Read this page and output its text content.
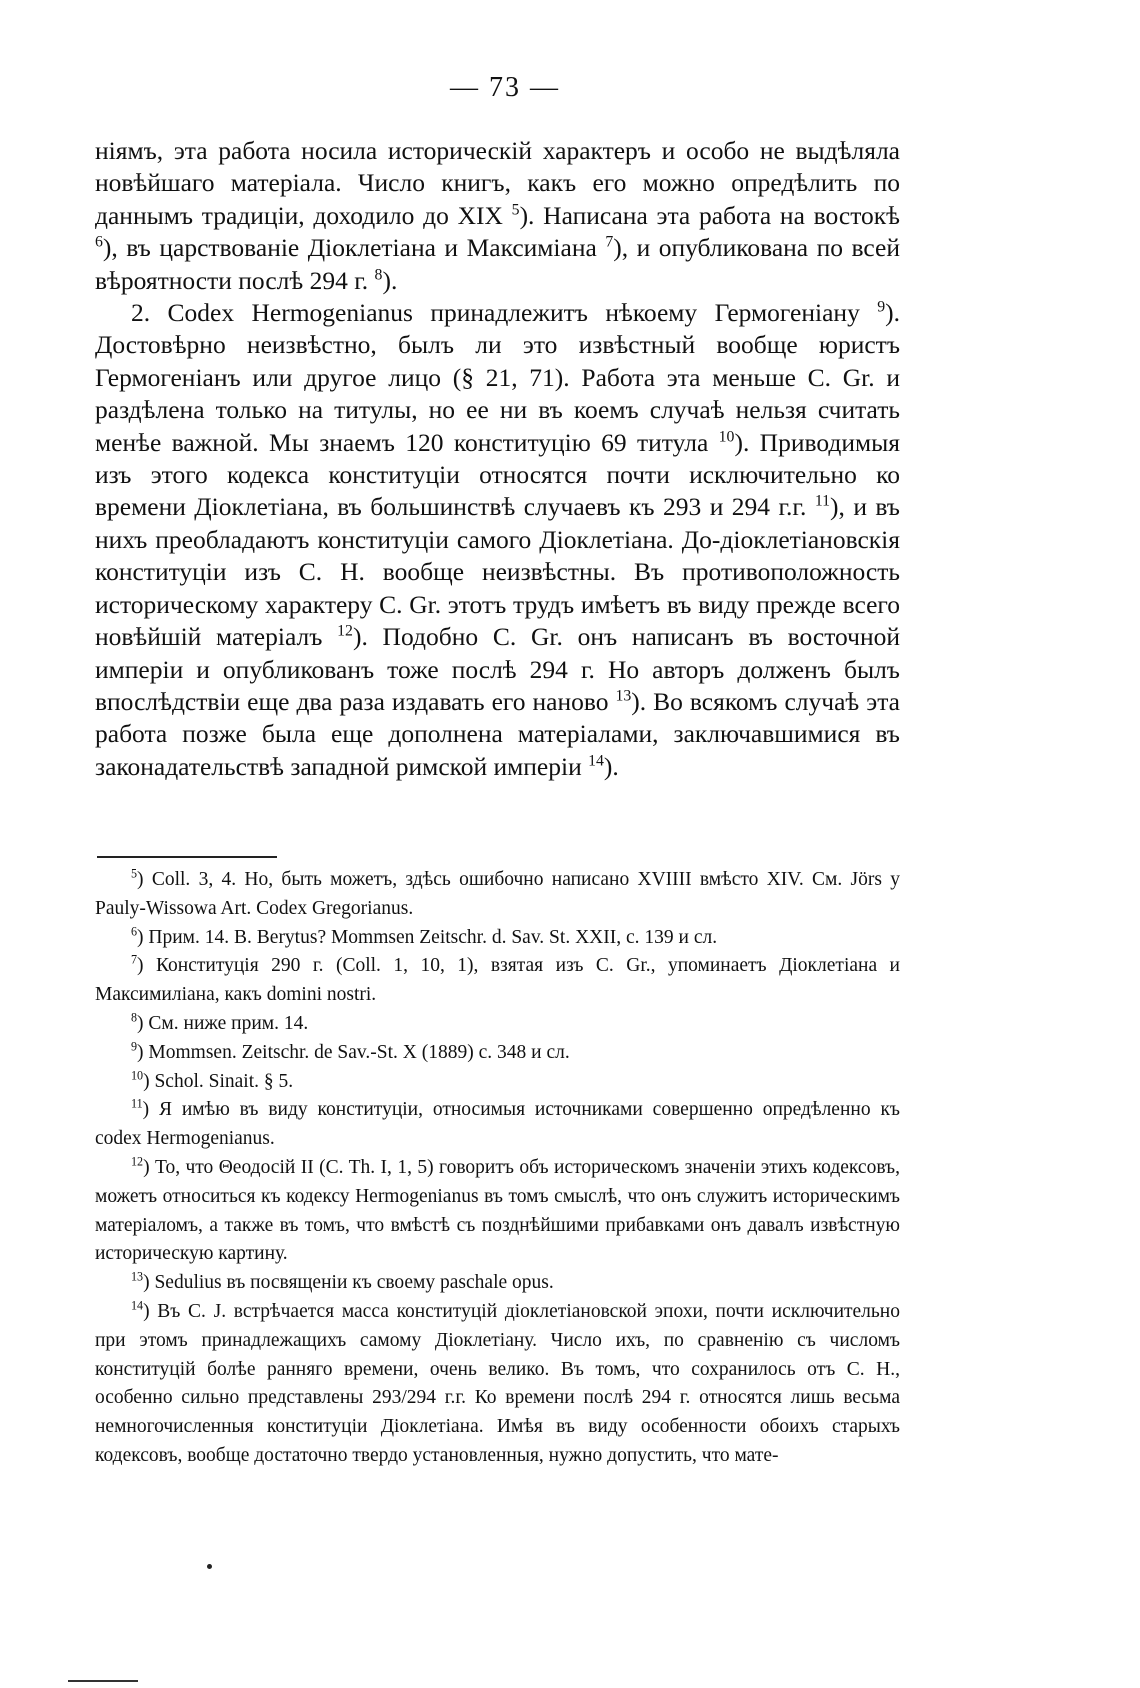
— 73 —

ніямъ, эта работа носила историческій характеръ и особо не выдѣляла новѣйшаго матеріала. Число книгъ, какъ его можно опредѣлить по даннымъ традиціи, доходило до XIX $^5$). Написана эта работа на востокѣ $^6$), въ царствованіе Діоклетіана и Максиміана $^7$), и опубликована по всей вѣроятности послѣ 294 г. $^8$).

2. Codex Hermogenianus принадлежитъ нѣкоему Гермогеніану $^9$). Достовѣрно неизвѣстно, былъ ли это извѣстный вообще юристъ Гермогеніанъ или другое лицо (§ 21, 71). Работа эта меньше C. Gr. и раздѣлена только на титулы, но ее ни въ коемъ случаѣ нельзя считать менѣе важной. Мы знаемъ 120 конституцію 69 титула $^{10}$). Приводимыя изъ этого кодекса конституціи относятся почти исключительно ко времени Діоклетіана, въ большинствѣ случаевъ къ 293 и 294 г.г. $^{11}$), и въ нихъ преобладаютъ конституціи самого Діоклетіана. До-діоклетіановскія конституціи изъ C. H. вообще неизвѣстны. Въ противоположность историческому характеру C. Gr. этотъ трудъ имѣетъ въ виду прежде всего новѣйшій матеріалъ $^{12}$). Подобно C. Gr. онъ написанъ въ восточной имперіи и опубликованъ тоже послѣ 294 г. Но авторъ долженъ былъ впослѣдствіи еще два раза издавать его наново $^{13}$). Во всякомъ случаѣ эта работа позже была еще дополнена матеріалами, заключавшимися въ законадательствѣ западной римской имперіи $^{14}$).

$^5$) Coll. 3, 4. Но, быть можетъ, здѣсь ошибочно написано XVIIII вмѣсто XIV. См. Jörs у Pauly-Wissowa Art. Codex Gregorianus.

$^6$) Прим. 14. B. Berytus? Mommsen Zeitschr. d. Sav. St. XXII, c. 139 и сл.

$^7$) Конституція 290 г. (Coll. 1, 10, 1), взятая изъ C. Gr., упоминаетъ Діоклетіана и Максимиліана, какъ domini nostri.

$^8$) См. ниже прим. 14.

$^9$) Mommsen. Zeitschr. de Sav.-St. X (1889) c. 348 и сл.

$^{10}$) Schol. Sinait. § 5.

$^{11}$) Я имѣю въ виду конституціи, относимыя источниками совершенно опредѣленно къ codex Hermogenianus.

$^{12}$) То, что Θеодосій II (C. Th. I, 1, 5) говоритъ объ историческомъ значеніи этихъ кодексовъ, можетъ относиться къ кодексу Hermogenianus въ томъ смыслѣ, что онъ служитъ историческимъ матеріаломъ, а также въ томъ, что вмѣстѣ съ позднѣйшими прибавками онъ давалъ извѣстную историческую картину.

$^{13}$) Sedulius въ посвященіи къ своему paschale opus.

$^{14}$) Въ C. J. встрѣчается масса конституцій діоклетіановской эпохи, почти исключительно при этомъ принадлежащихъ самому Діоклетіану. Число ихъ, по сравненію съ числомъ конституцій болѣе ранняго времени, очень велико. Въ томъ, что сохранилось отъ C. H., особенно сильно представлены 293/294 г.г. Ко времени послѣ 294 г. относятся лишь весьма немногочисленныя конституціи Діоклетіана. Имѣя въ виду особенности обоихъ старыхъ кодексовъ, вообще достаточно твердо установленныя, нужно допустить, что мате-
